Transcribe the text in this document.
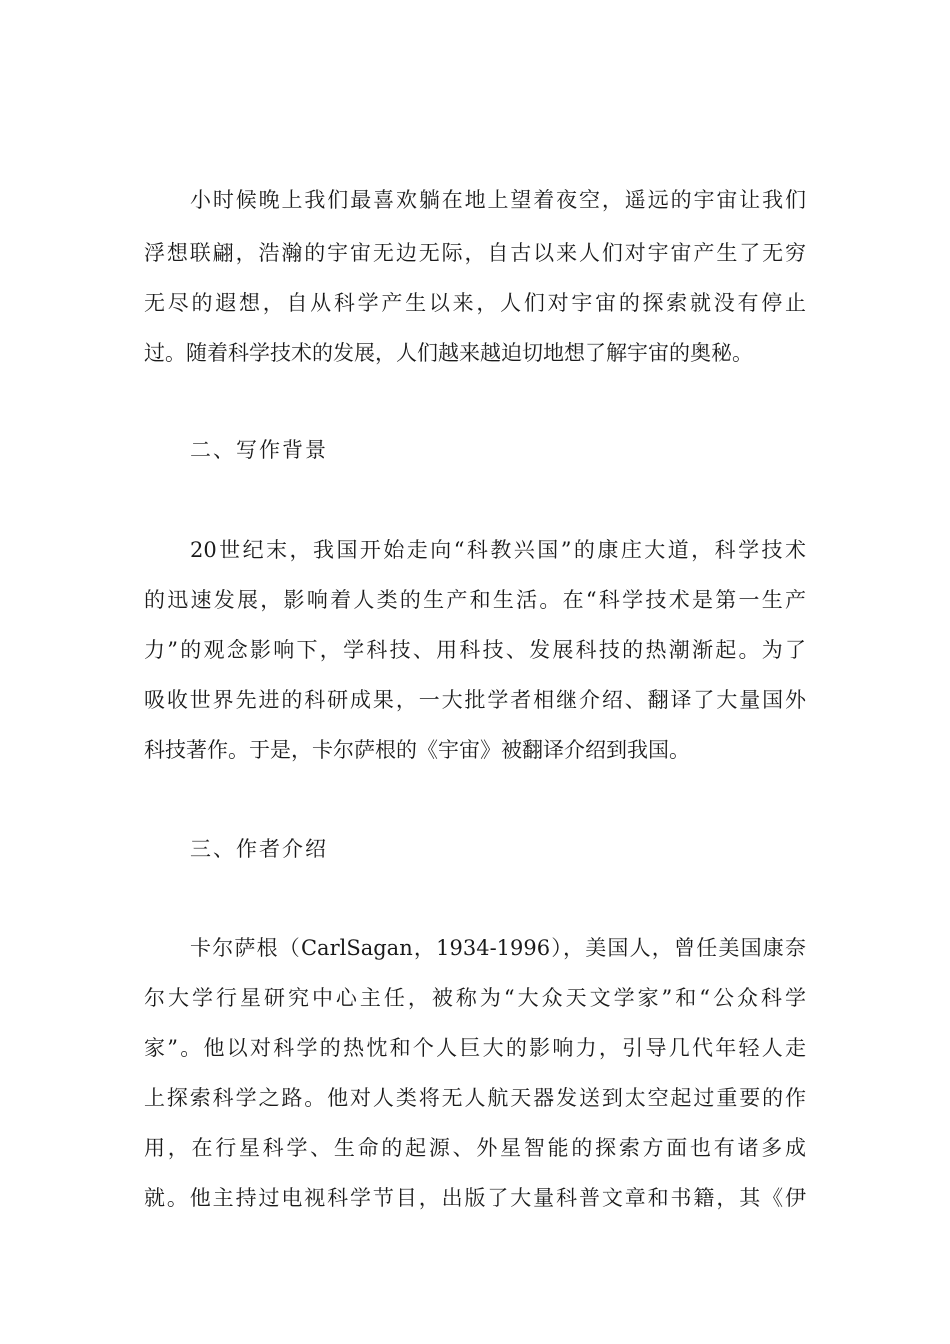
小时候晚上我们最喜欢躺在地上望着夜空，遥远的宇宙让我们
浮想联翩，浩瀚的宇宙无边无际，自古以来人们对宇宙产生了无穷
无尽的遐想，自从科学产生以来，人们对宇宙的探索就没有停止
过。随着科学技术的发展，人们越来越迫切地想了解宇宙的奥秘。
二、写作背景
20世纪末，我国开始走向“科教兴国”的康庄大道，科学技术
的迅速发展，影响着人类的生产和生活。在“科学技术是第一生产
力”的观念影响下，学科技、用科技、发展科技的热潮渐起。为了
吸收世界先进的科研成果，一大批学者相继介绍、翻译了大量国外
科技著作。于是，卡尔萨根的《宇宙》被翻译介绍到我国。
三、作者介绍
卡尔萨根（CarlSagan，1934-1996），美国人，曾任美国康奈
尔大学行星研究中心主任，被称为“大众天文学家”和“公众科学
家”。他以对科学的热忱和个人巨大的影响力，引导几代年轻人走
上探索科学之路。他对人类将无人航天器发送到太空起过重要的作
用，在行星科学、生命的起源、外星智能的探索方面也有诸多成
就。他主持过电视科学节目，出版了大量科普文章和书籍，其《伊
